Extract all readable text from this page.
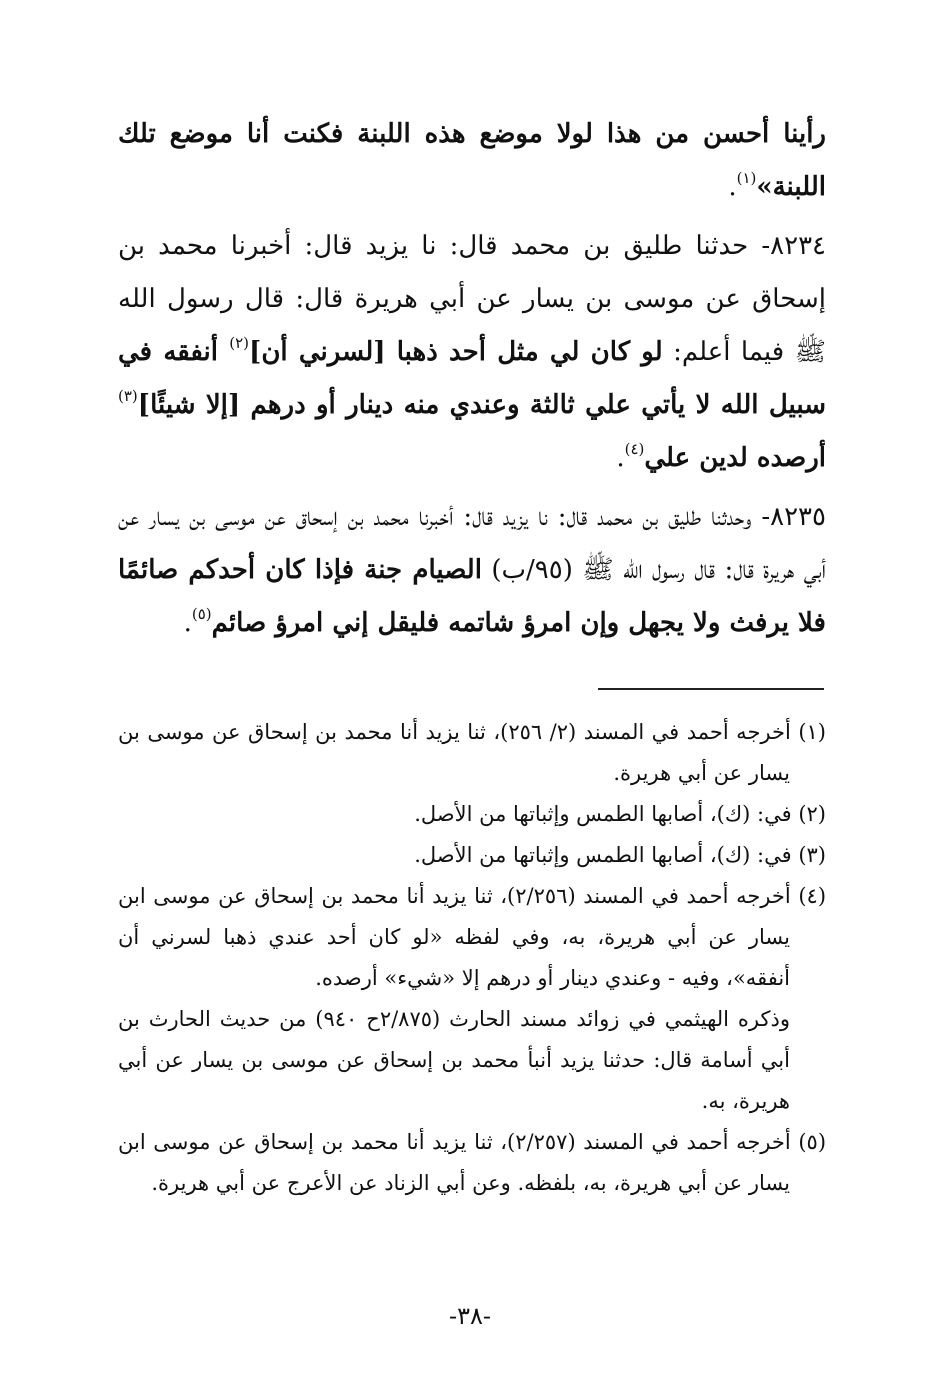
رأينا أحسن من هذا لولا موضع هذه اللبنة فكنت أنا موضع تلك اللبنة»$^{(١)}$.

٨٢٣٤- حدثنا طليق بن محمد قال: نا يزيد قال: أخبرنا محمد بن إسحاق عن موسى بن يسار عن أبي هريرة قال: قال رسول الله ﷺ فيما أعلم: لو كان لي مثل أحد ذهبا [لسرني أن]$^{(٢)}$ أنفقه في سبيل الله لا يأتي علي ثالثة وعندي منه دينار أو درهم [إلا شيئًا]$^{(٣)}$ أرصده لدين علي$^{(٤)}$.

٨٢٣٥- وحدثنا طليق بن محمد قال: نا يزيد قال: أخبرنا محمد بن إسحاق عن موسى بن يسار عن أبي هريرة قال: قال رسول الله ﷺ (٩٥/ب) الصيام جنة فإذا كان أحدكم صائمًا فلا يرفث ولا يجهل وإن امرؤ شاتمه فليقل إني امرؤ صائم$^{(٥)}$.

(١) أخرجه أحمد في المسند (٢/ ٢٥٦)، ثنا يزيد أنا محمد بن إسحاق عن موسى بن يسار عن أبي هريرة.

(٢) في: (ك)، أصابها الطمس وإثباتها من الأصل.

(٣) في: (ك)، أصابها الطمس وإثباتها من الأصل.

(٤) أخرجه أحمد في المسند (٢/٢٥٦)، ثنا يزيد أنا محمد بن إسحاق عن موسى ابن يسار عن أبي هريرة، به، وفي لفظه «لو كان أحد عندي ذهبا لسرني أن أنفقه»، وفيه - وعندي دينار أو درهم إلا «شيء» أرصده.

وذكره الهيثمي في زوائد مسند الحارث (٢/٨٧٥ح ٩٤٠) من حديث الحارث بن أبي أسامة قال: حدثنا يزيد أنبأ محمد بن إسحاق عن موسى بن يسار عن أبي هريرة، به.

(٥) أخرجه أحمد في المسند (٢/٢٥٧)، ثنا يزيد أنا محمد بن إسحاق عن موسى ابن يسار عن أبي هريرة، به، بلفظه. وعن أبي الزناد عن الأعرج عن أبي هريرة.

-٣٨-
